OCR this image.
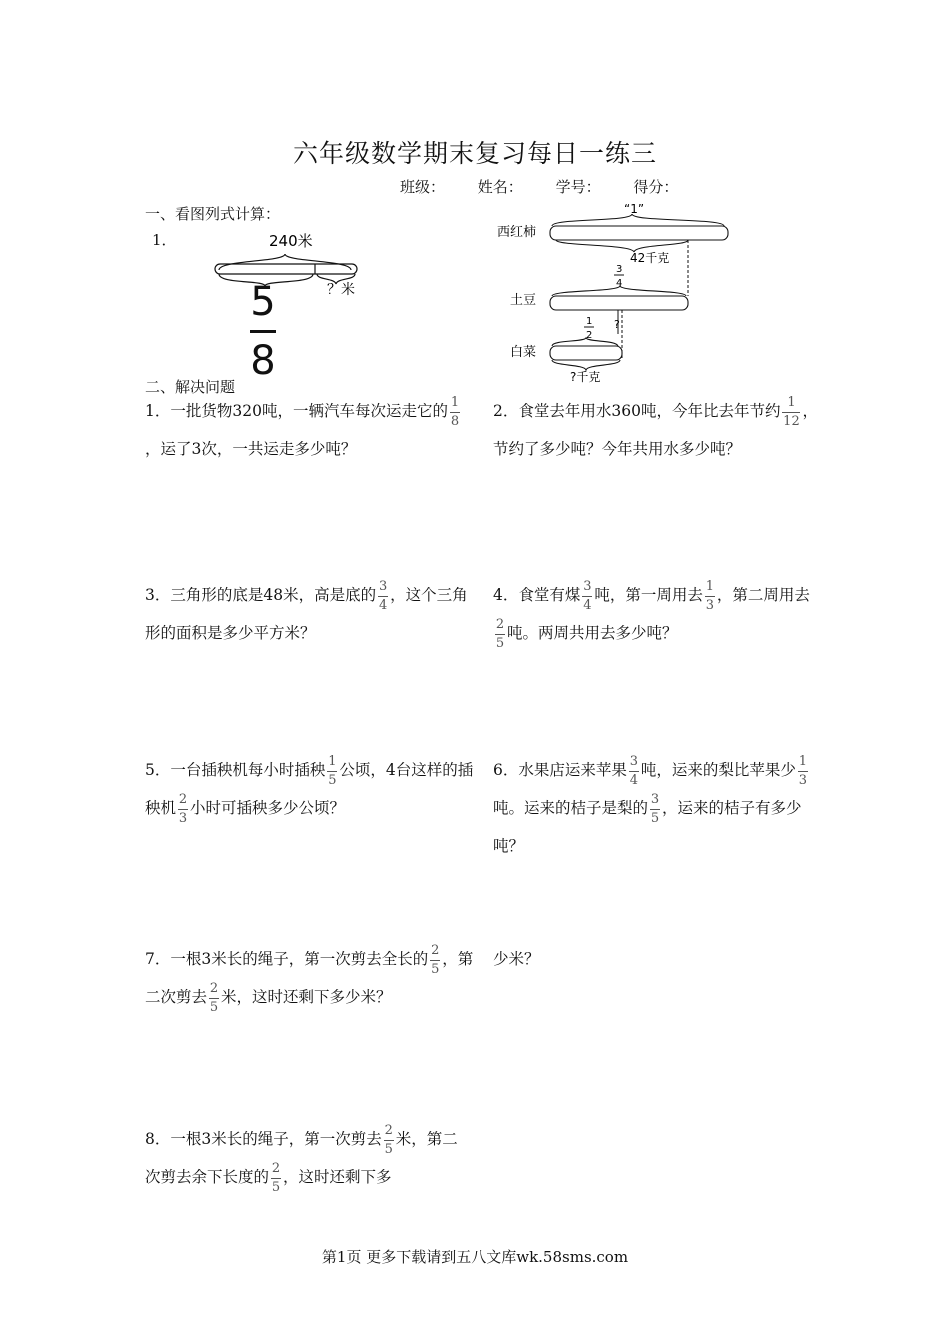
六年级数学期末复习每日一练三
班级： 姓名： 学号： 得分：
一、看图列式计算：
1．	240米
？米
5
8
“1”
西红柿
42千克
3
4
土豆
?
1
2
白菜
?千克
二、解决问题
1．一批货物320吨，一辆汽车每次运走它的 $\frac{1}{8}$
，运了3次，一共运走多少吨？
2．食堂去年用水360吨，今年比去年节约 $\frac{1}{12}$ ，节约了多少吨？今年共用水多少吨？
3．三角形的底是48米，高是底的 $\frac{3}{4}$ ，这个三角形的面积是多少平方米？
4．食堂有煤 $\frac{3}{4}$ 吨，第一周用去 $\frac{1}{3}$ ，第二周用去
$\frac{2}{5}$ 吨。两周共用去多少吨？
5．一台插秧机每小时插秧 $\frac{1}{5}$ 公顷，4台这样的插秧机 $\frac{2}{3}$ 小时可插秧多少公顷？
6．水果店运来苹果 $\frac{3}{4}$ 吨，运来的梨比苹果少 $\frac{1}{3}$
吨。运来的桔子是梨的 $\frac{3}{5}$ ，运来的桔子有多少吨？
7．一根3米长的绳子，第一次剪去全长的 $\frac{2}{5}$ ，第二次剪去 $\frac{2}{5}$ 米，这时还剩下多少米？
8．一根3米长的绳子，第一次剪去 $\frac{2}{5}$ 米，第二次剪去余下长度的 $\frac{2}{5}$ ，这时还剩下多
少米？
第1页 更多下载请到五八文库wk.58sms.com
